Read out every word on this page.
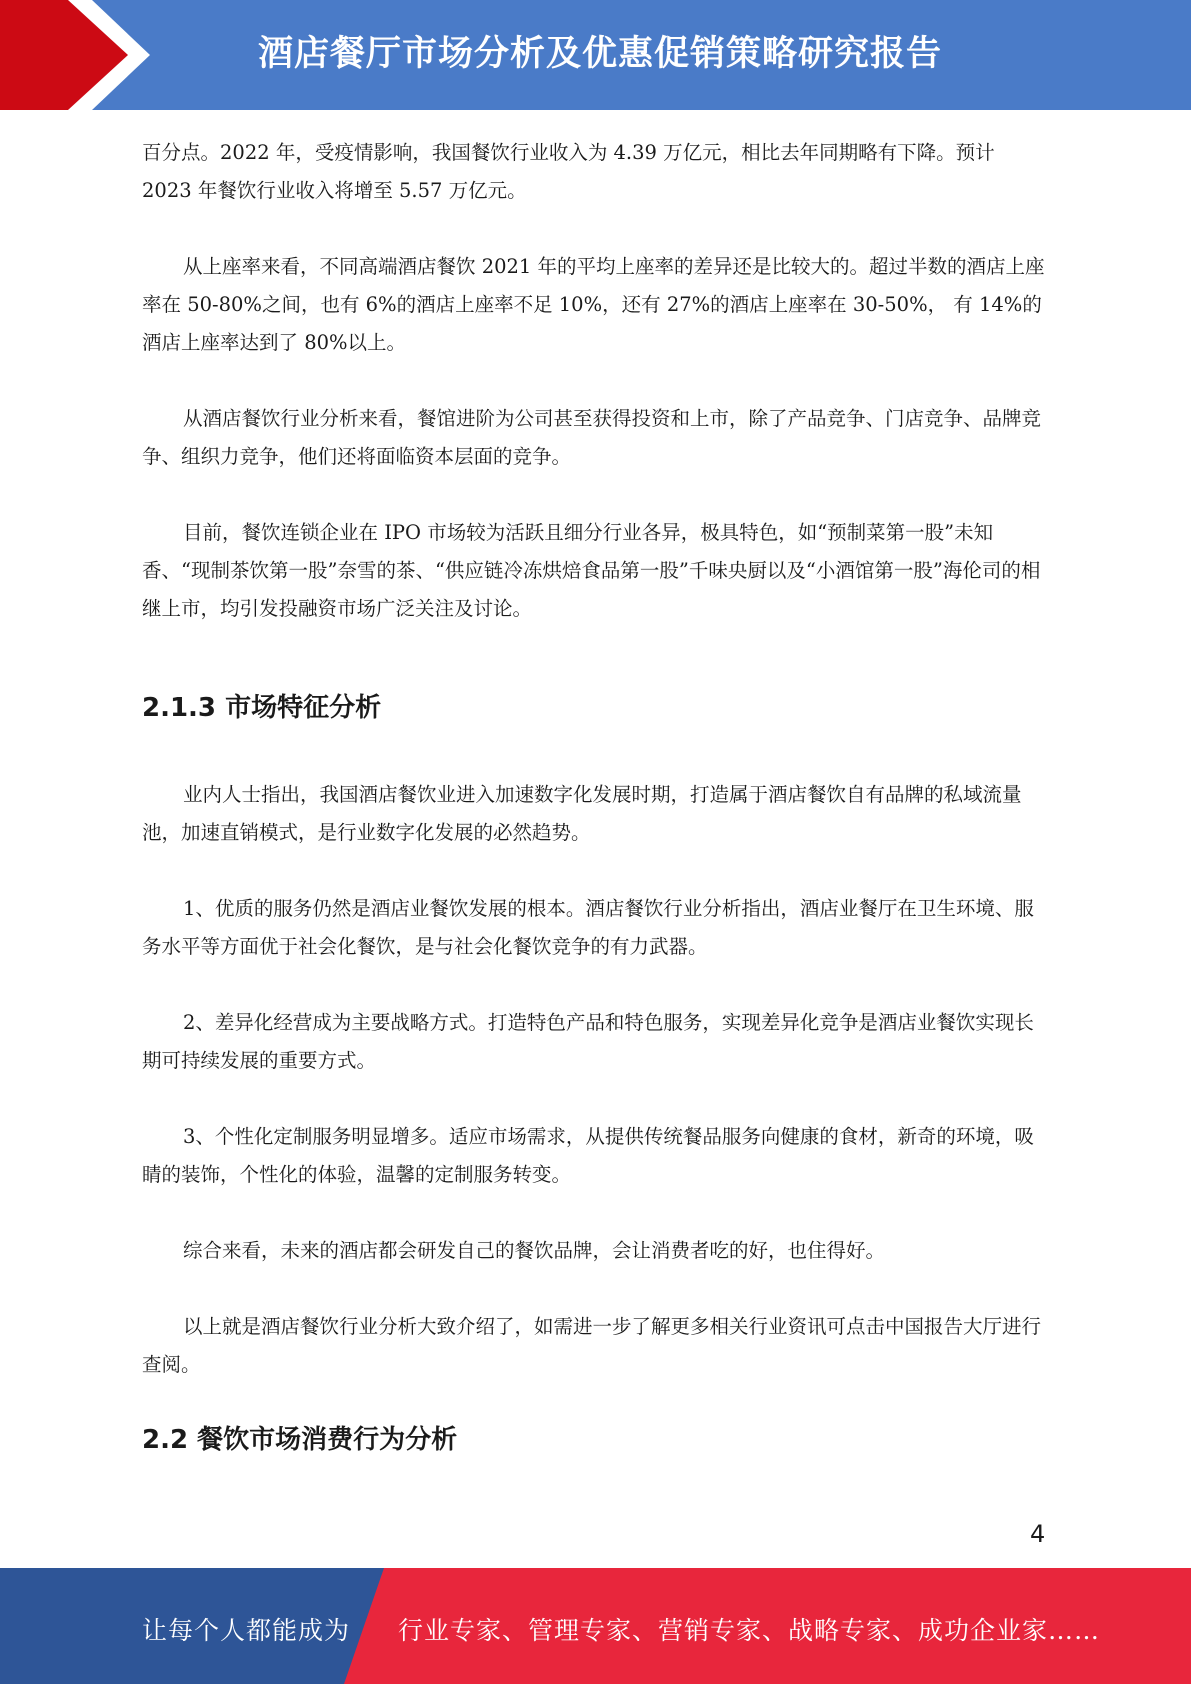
酒店餐厅市场分析及优惠促销策略研究报告

百分点。2022 年，受疫情影响，我国餐饮行业收入为 4.39 万亿元，相比去年同期略有下降。预计 2023 年餐饮行业收入将增至 5.57 万亿元。

从上座率来看，不同高端酒店餐饮 2021 年的平均上座率的差异还是比较大的。超过半数的酒店上座率在 50-80%之间，也有 6%的酒店上座率不足 10%，还有 27%的酒店上座率在 30-50%， 有 14%的酒店上座率达到了 80%以上。

从酒店餐饮行业分析来看，餐馆进阶为公司甚至获得投资和上市，除了产品竞争、门店竞争、品牌竞争、组织力竞争，他们还将面临资本层面的竞争。

目前，餐饮连锁企业在 IPO 市场较为活跃且细分行业各异，极具特色，如“预制菜第一股”未知香、“现制茶饮第一股”奈雪的茶、“供应链冷冻烘焙食品第一股”千味央厨以及“小酒馆第一股”海伦司的相继上市，均引发投融资市场广泛关注及讨论。

2.1.3 市场特征分析

业内人士指出，我国酒店餐饮业进入加速数字化发展时期，打造属于酒店餐饮自有品牌的私域流量池，加速直销模式，是行业数字化发展的必然趋势。

1、优质的服务仍然是酒店业餐饮发展的根本。酒店餐饮行业分析指出，酒店业餐厅在卫生环境、服务水平等方面优于社会化餐饮，是与社会化餐饮竞争的有力武器。

2、差异化经营成为主要战略方式。打造特色产品和特色服务，实现差异化竞争是酒店业餐饮实现长期可持续发展的重要方式。

3、个性化定制服务明显增多。适应市场需求，从提供传统餐品服务向健康的食材，新奇的环境，吸睛的装饰，个性化的体验，温馨的定制服务转变。

综合来看，未来的酒店都会研发自己的餐饮品牌，会让消费者吃的好，也住得好。

以上就是酒店餐饮行业分析大致介绍了，如需进一步了解更多相关行业资讯可点击中国报告大厅进行查阅。

2.2 餐饮市场消费行为分析
4
让每个人都能成为 行业专家、管理专家、营销专家、战略专家、成功企业家……
